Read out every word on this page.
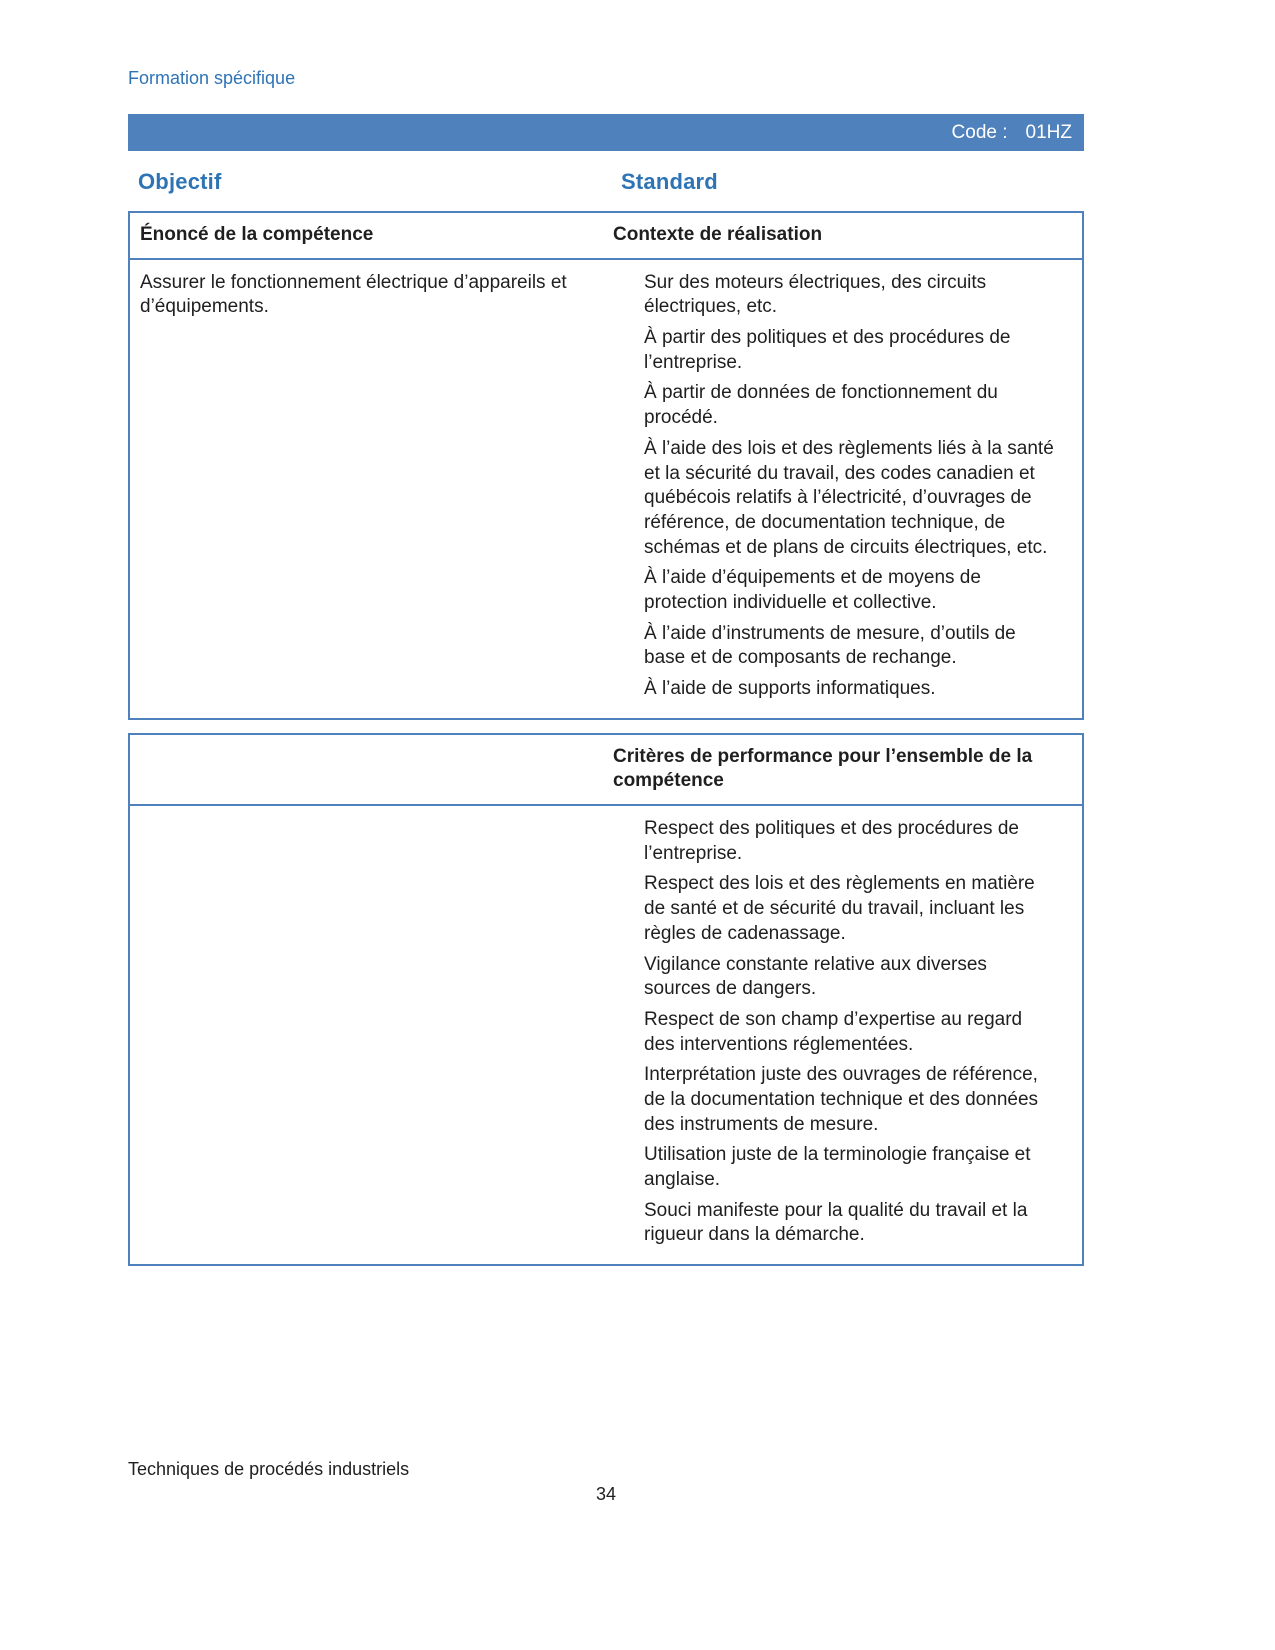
Formation spécifique
Code : 01HZ
Objectif	Standard
Énoncé de la compétence	Contexte de réalisation
Assurer le fonctionnement électrique d’appareils et d’équipements.
Sur des moteurs électriques, des circuits électriques, etc.
À partir des politiques et des procédures de l’entreprise.
À partir de données de fonctionnement du procédé.
À l’aide des lois et des règlements liés à la santé et la sécurité du travail, des codes canadien et québécois relatifs à l’électricité, d’ouvrages de référence, de documentation technique, de schémas et de plans de circuits électriques, etc.
À l’aide d’équipements et de moyens de protection individuelle et collective.
À l’aide d’instruments de mesure, d’outils de base et de composants de rechange.
À l’aide de supports informatiques.
Critères de performance pour l’ensemble de la compétence
Respect des politiques et des procédures de l’entreprise.
Respect des lois et des règlements en matière de santé et de sécurité du travail, incluant les règles de cadenassage.
Vigilance constante relative aux diverses sources de dangers.
Respect de son champ d’expertise au regard des interventions réglementées.
Interprétation juste des ouvrages de référence, de la documentation technique et des données des instruments de mesure.
Utilisation juste de la terminologie française et anglaise.
Souci manifeste pour la qualité du travail et la rigueur dans la démarche.
Techniques de procédés industriels
34
